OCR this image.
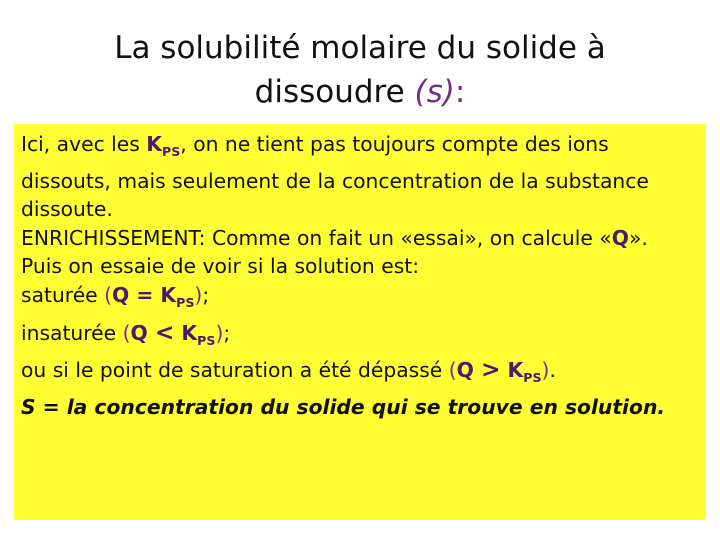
La solubilité molaire du solide à
dissoudre (s):

Ici, avec les $K_{PS}$, on ne tient pas toujours compte des ions dissouts, mais seulement de la concentration de la substance dissoute.

ENRICHISSEMENT: Comme on fait un «essai», on calcule «Q».

Puis on essaie de voir si la solution est:

saturée $(Q = K_{PS})$;

insaturée $(Q < K_{PS})$;

ou si le point de saturation a été dépassé $(Q > K_{PS})$.

S = la concentration du solide qui se trouve en solution.
